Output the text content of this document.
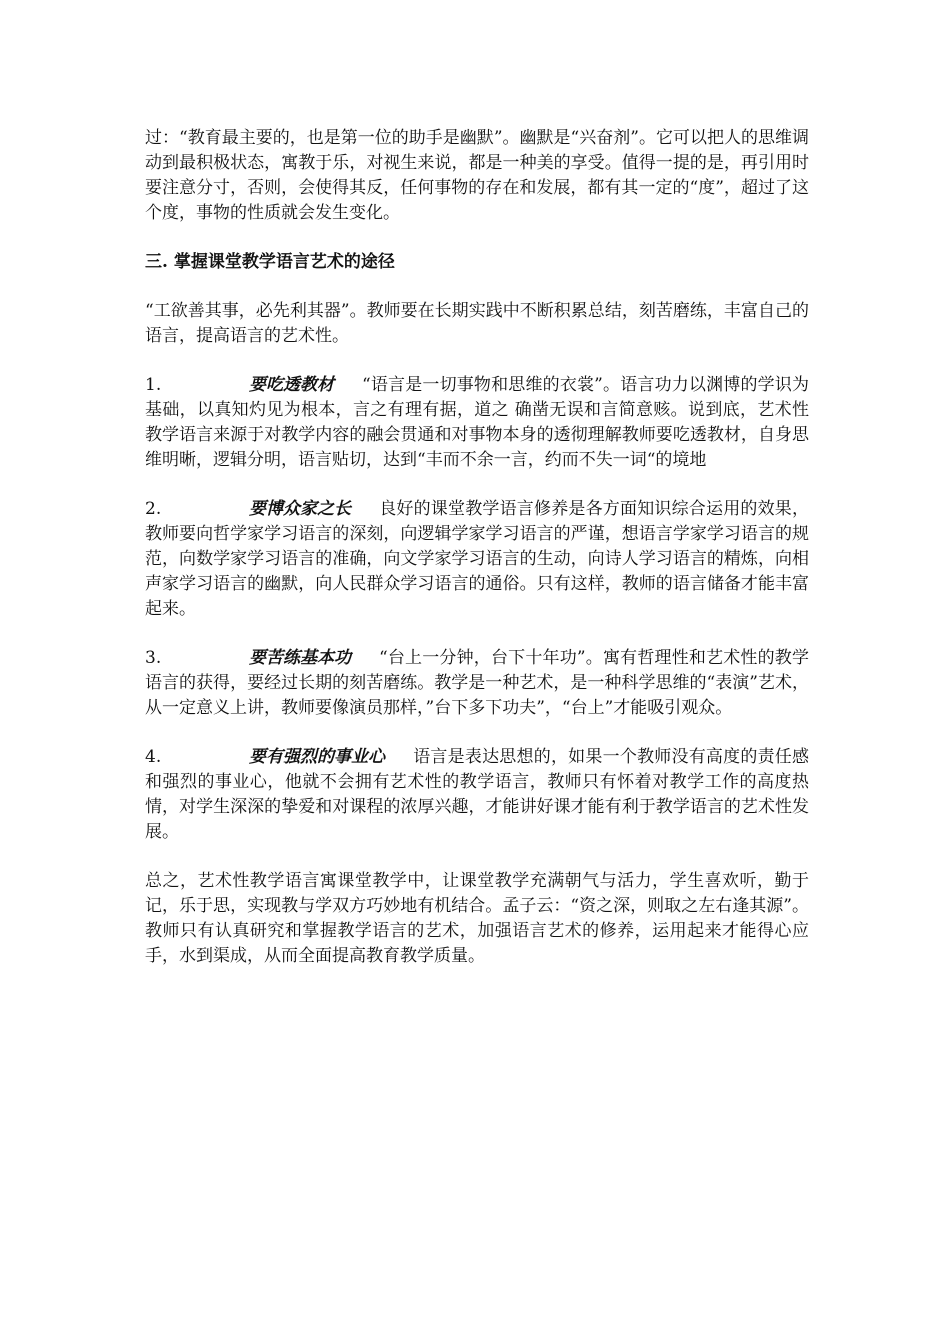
过：“教育最主要的，也是第一位的助手是幽默”。幽默是“兴奋剂”。它可以把人的思维调动到最积极状态，寓教于乐，对视生来说，都是一种美的享受。值得一提的是，再引用时要注意分寸，否则，会使得其反，任何事物的存在和发展，都有其一定的“度”，超过了这个度，事物的性质就会发生变化。

三. 掌握课堂教学语言艺术的途径

“工欲善其事，必先利其器”。教师要在长期实践中不断积累总结，刻苦磨练，丰富自己的语言，提高语言的艺术性。

1.	要吃透教材 “语言是一切事物和思维的衣裳”。语言功力以渊博的学识为基础，以真知灼见为根本，言之有理有据，道之 确凿无误和言简意赅。说到底，艺术性教学语言来源于对教学内容的融会贯通和对事物本身的透彻理解教师要吃透教材，自身思维明晰，逻辑分明，语言贴切，达到“丰而不余一言，约而不失一词“的境地

2.	要博众家之长 良好的课堂教学语言修养是各方面知识综合运用的效果，教师要向哲学家学习语言的深刻，向逻辑学家学习语言的严谨，想语言学家学习语言的规范，向数学家学习语言的准确，向文学家学习语言的生动，向诗人学习语言的精炼，向相声家学习语言的幽默，向人民群众学习语言的通俗。只有这样，教师的语言储备才能丰富起来。

3.	要苦练基本功 “台上一分钟，台下十年功”。寓有哲理性和艺术性的教学语言的获得，要经过长期的刻苦磨练。教学是一种艺术，是一种科学思维的“表演”艺术，从一定意义上讲，教师要像演员那样，”台下多下功夫”，“台上”才能吸引观众。

4.	要有强烈的事业心 语言是表达思想的，如果一个教师没有高度的责任感和强烈的事业心，他就不会拥有艺术性的教学语言，教师只有怀着对教学工作的高度热情，对学生深深的挚爱和对课程的浓厚兴趣，才能讲好课才能有利于教学语言的艺术性发展。

总之，艺术性教学语言寓课堂教学中，让课堂教学充满朝气与活力，学生喜欢听，勤于记，乐于思，实现教与学双方巧妙地有机结合。孟子云：“资之深，则取之左右逢其源”。教师只有认真研究和掌握教学语言的艺术，加强语言艺术的修养，运用起来才能得心应手，水到渠成，从而全面提高教育教学质量。
